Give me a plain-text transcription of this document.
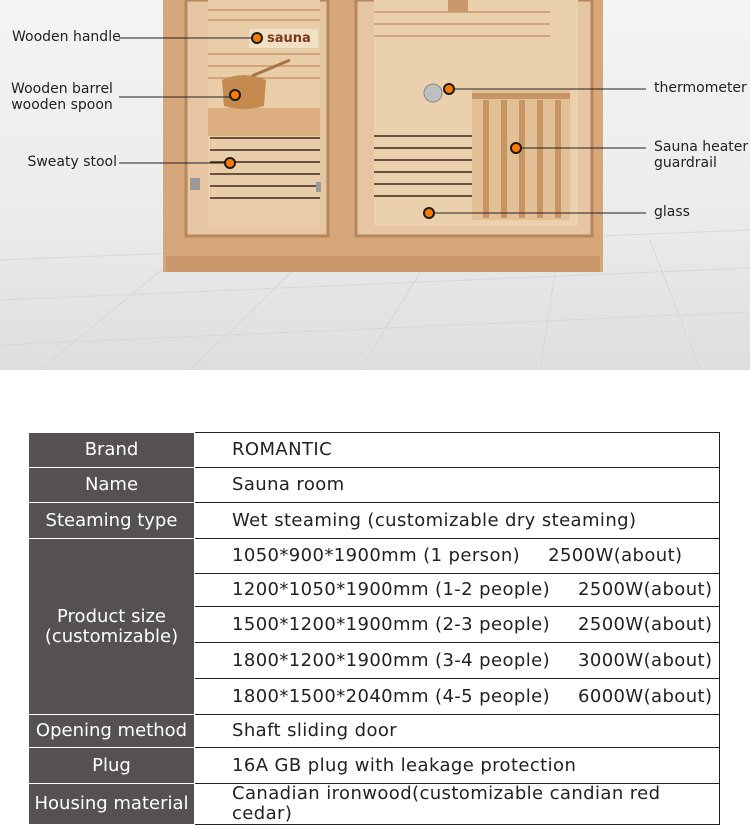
sauna
Wooden handle
Wooden barrel
wooden spoon
Sweaty stool
thermometer
Sauna heater
guardrail
glass
Brand	ROMANTIC
Name	Sauna room
Steaming type	Wet steaming (customizable dry steaming)

Product size
(customizable)	1050*900*1900mm (1 person) 2500W(about)
	1200*1050*1900mm (1-2 people) 2500W(about)
	1500*1200*1900mm (2-3 people) 2500W(about)
	1800*1200*1900mm (3-4 people) 3000W(about)
	1800*1500*2040mm (4-5 people) 6000W(about)
Opening method	Shaft sliding door
Plug	16A GB plug with leakage protection
Housing material	Canadian ironwood(customizable candian red cedar)
